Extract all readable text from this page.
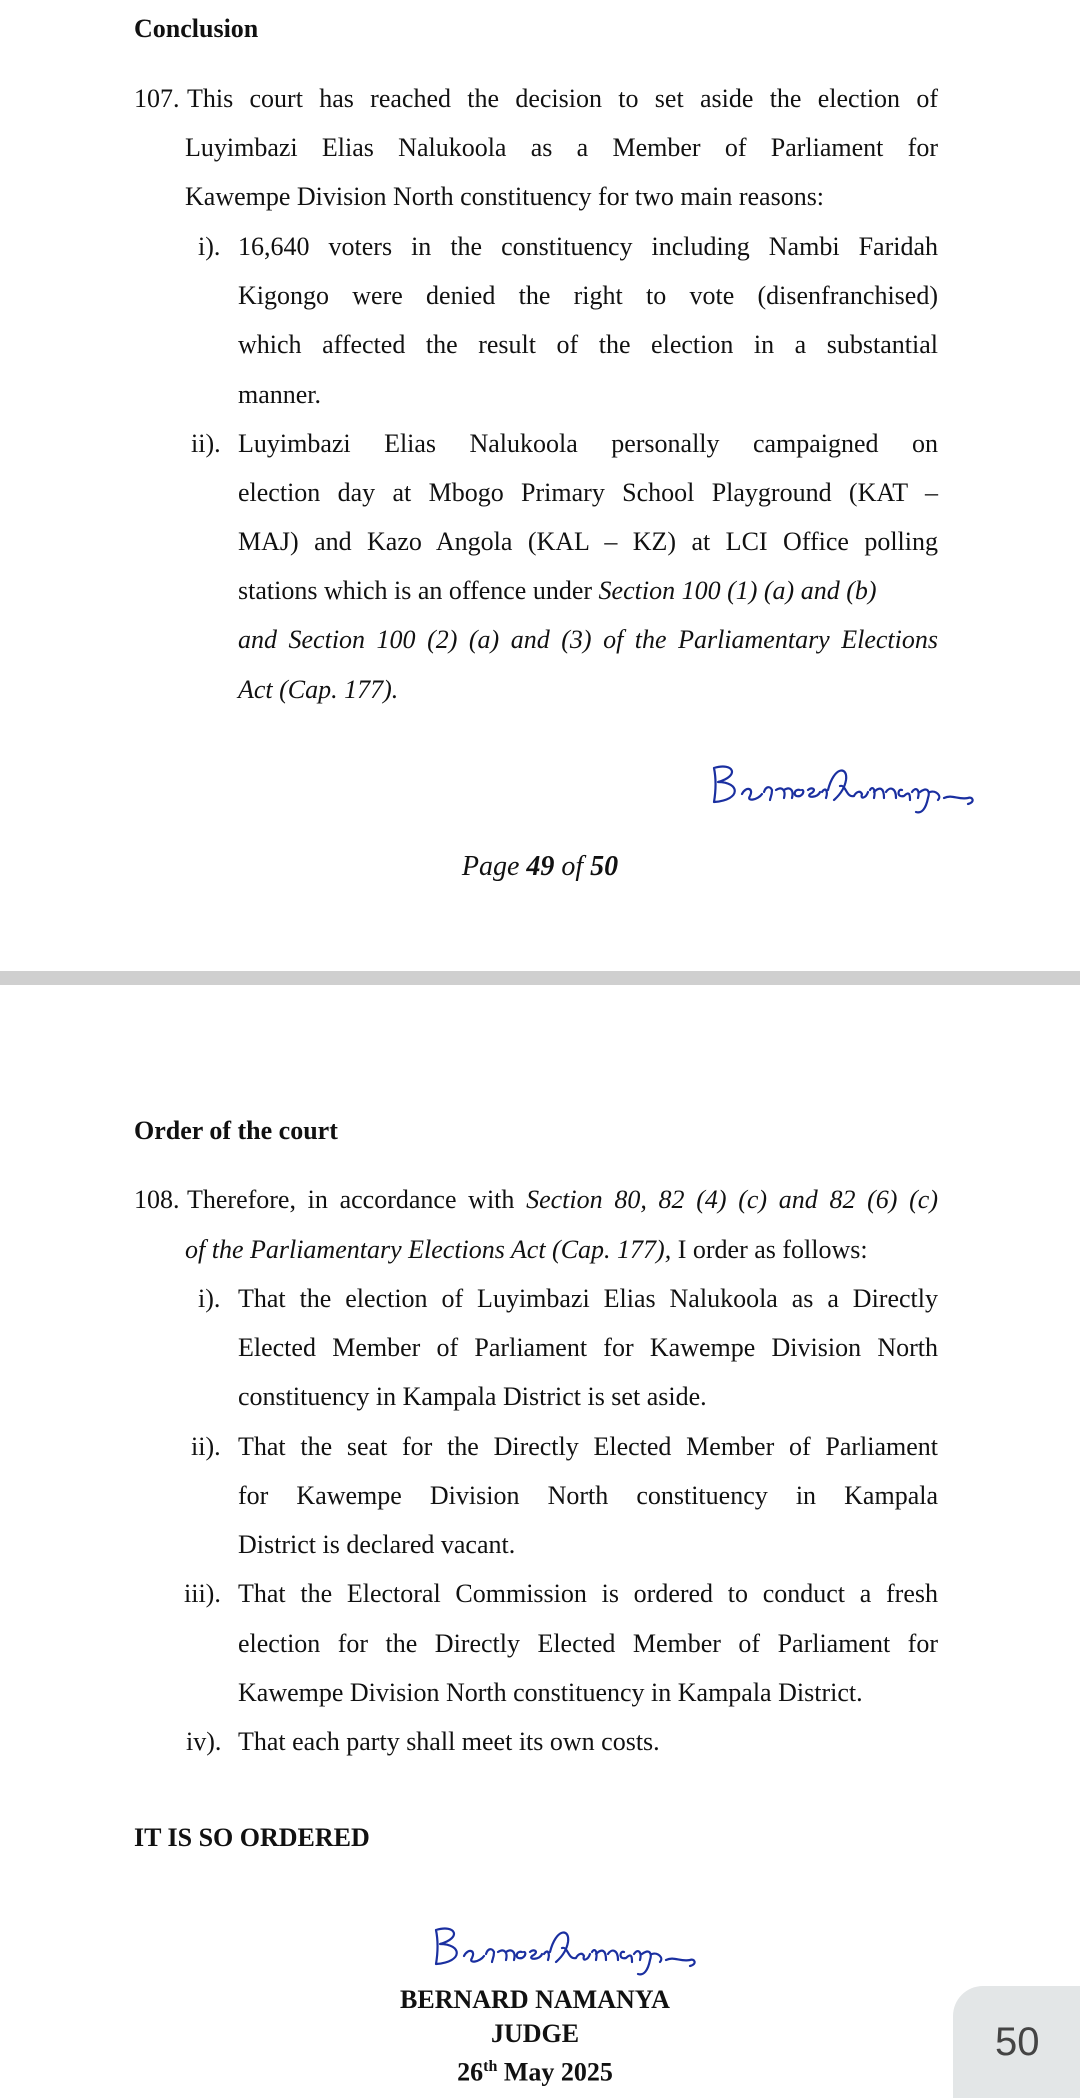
Conclusion
107. This court has reached the decision to set aside the election of
Luyimbazi Elias Nalukoola as a Member of Parliament for
Kawempe Division North constituency for two main reasons:
i). 16,640 voters in the constituency including Nambi Faridah
Kigongo were denied the right to vote (disenfranchised)
which affected the result of the election in a substantial
manner.
ii). Luyimbazi Elias Nalukoola personally campaigned on
election day at Mbogo Primary School Playground (KAT –
MAJ) and Kazo Angola (KAL – KZ) at LCI Office polling
stations which is an offence under Section 100 (1) (a) and (b)
and Section 100 (2) (a) and (3) of the Parliamentary Elections
Act (Cap. 177).
Page 49 of 50
Order of the court
108. Therefore, in accordance with Section 80, 82 (4) (c) and 82 (6) (c)
of the Parliamentary Elections Act (Cap. 177), I order as follows:
i). That the election of Luyimbazi Elias Nalukoola as a Directly
Elected Member of Parliament for Kawempe Division North
constituency in Kampala District is set aside.
ii). That the seat for the Directly Elected Member of Parliament
for Kawempe Division North constituency in Kampala
District is declared vacant.
iii). That the Electoral Commission is ordered to conduct a fresh
election for the Directly Elected Member of Parliament for
Kawempe Division North constituency in Kampala District.
iv). That each party shall meet its own costs.
IT IS SO ORDERED
BERNARD NAMANYA
JUDGE
26th May 2025
50
